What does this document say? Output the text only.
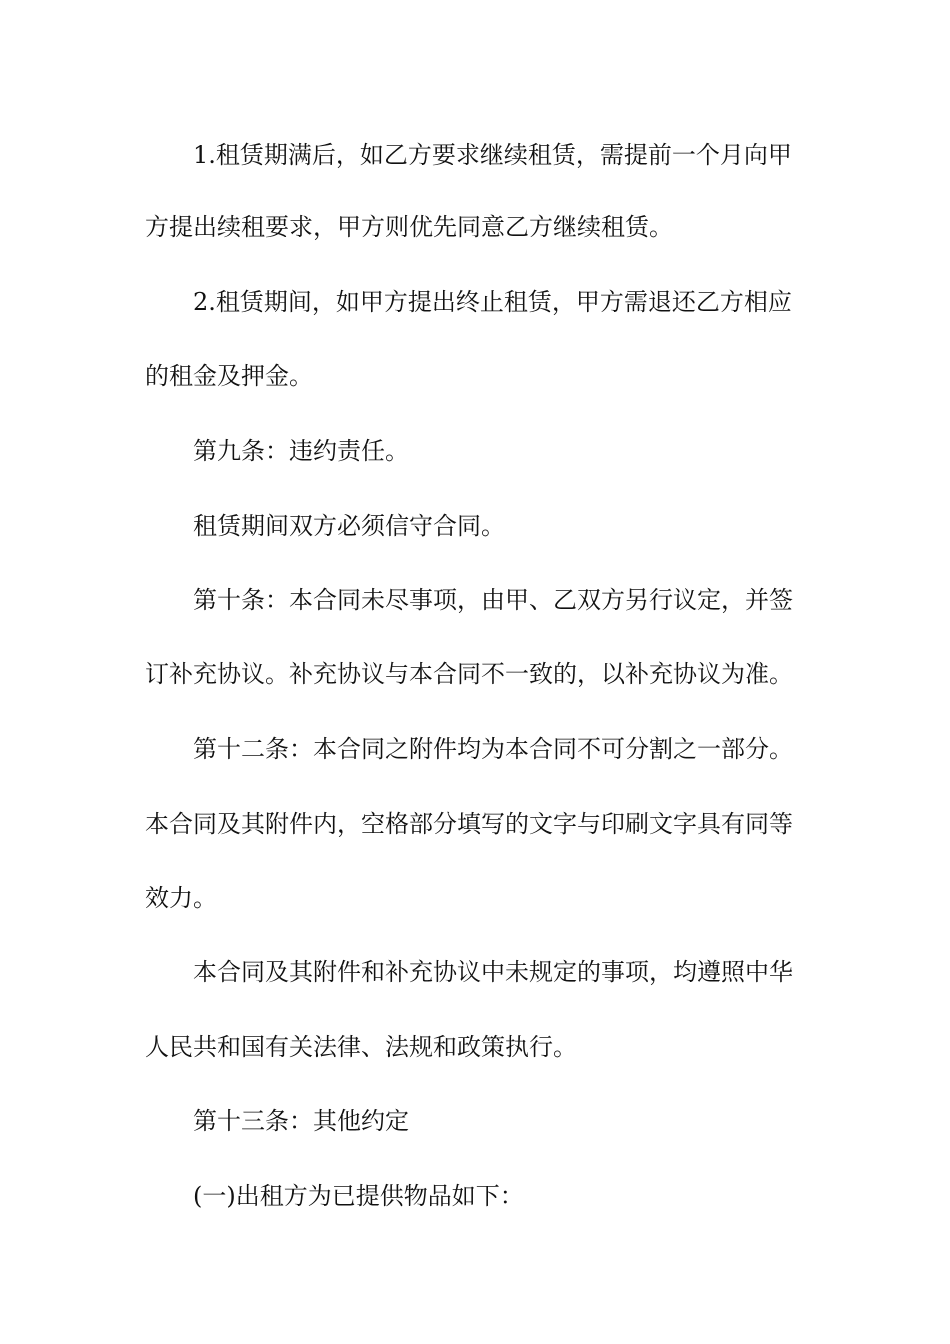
1.租赁期满后，如乙方要求继续租赁，需提前一个月向甲
方提出续租要求，甲方则优先同意乙方继续租赁。
2.租赁期间，如甲方提出终止租赁，甲方需退还乙方相应
的租金及押金。
第九条：违约责任。
租赁期间双方必须信守合同。
第十条：本合同未尽事项，由甲、乙双方另行议定，并签
订补充协议。补充协议与本合同不一致的，以补充协议为准。
第十二条：本合同之附件均为本合同不可分割之一部分。
本合同及其附件内，空格部分填写的文字与印刷文字具有同等
效力。
本合同及其附件和补充协议中未规定的事项，均遵照中华
人民共和国有关法律、法规和政策执行。
第十三条：其他约定
(一)出租方为已提供物品如下：
